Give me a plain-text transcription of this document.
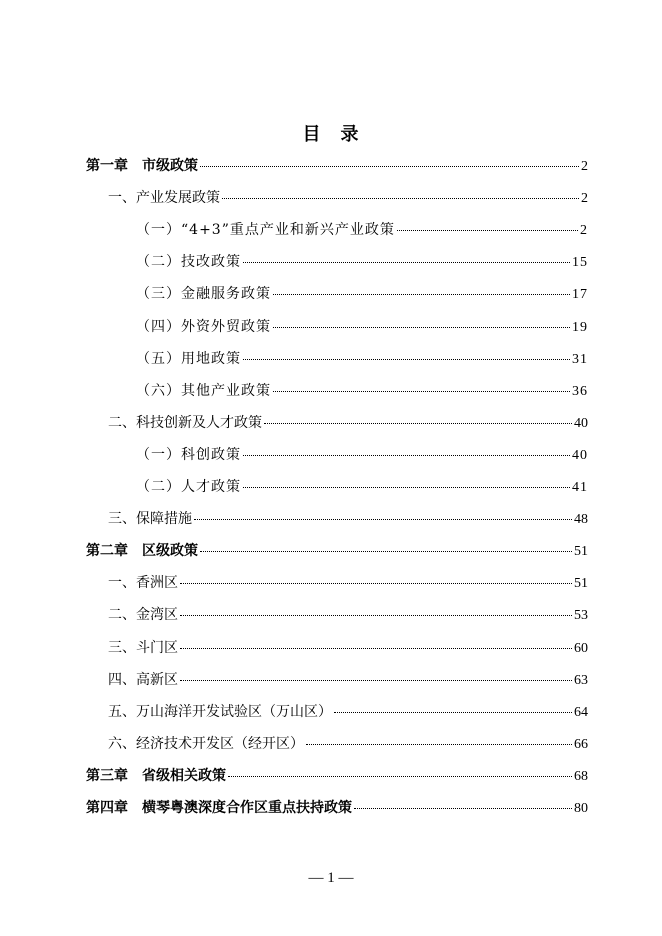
目　录
第一章　市级政策	2
一、产业发展政策	2
（一）“4+3”重点产业和新兴产业政策	2
（二）技改政策	15
（三）金融服务政策	17
（四）外资外贸政策	19
（五）用地政策	31
（六）其他产业政策	36
二、科技创新及人才政策	40
（一）科创政策	40
（二）人才政策	41
三、保障措施	48
第二章　区级政策	51
一、香洲区	51
二、金湾区	53
三、斗门区	60
四、高新区	63
五、万山海洋开发试验区（万山区）	64
六、经济技术开发区（经开区）	66
第三章　省级相关政策	68
第四章　横琴粤澳深度合作区重点扶持政策	80
— 1 —
